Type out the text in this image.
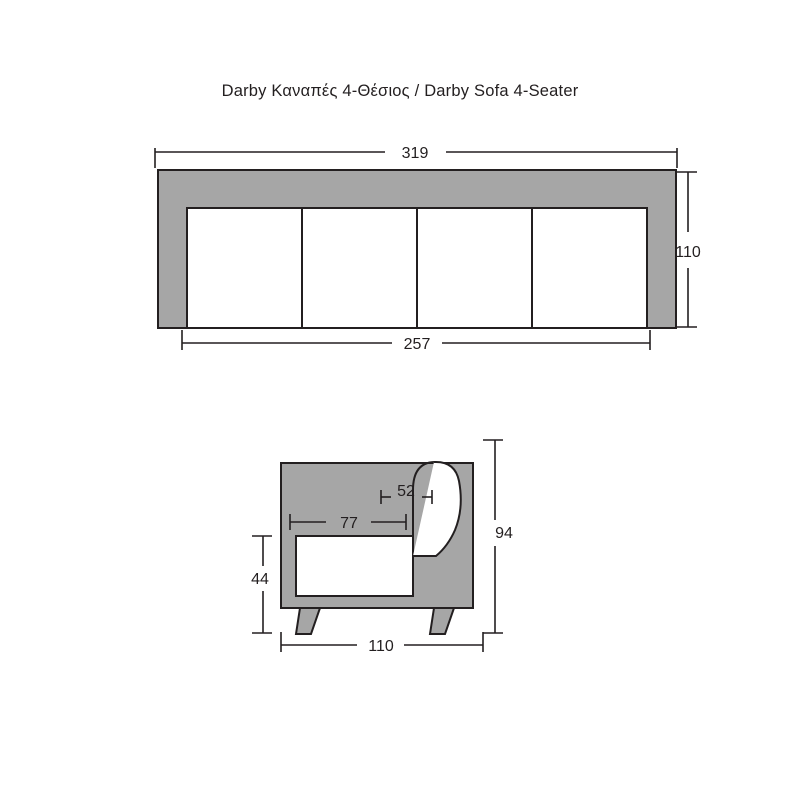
Darby Καναπές 4-Θέσιος / Darby Sofa 4-Seater
319
257
110
52
77
94
44
110
